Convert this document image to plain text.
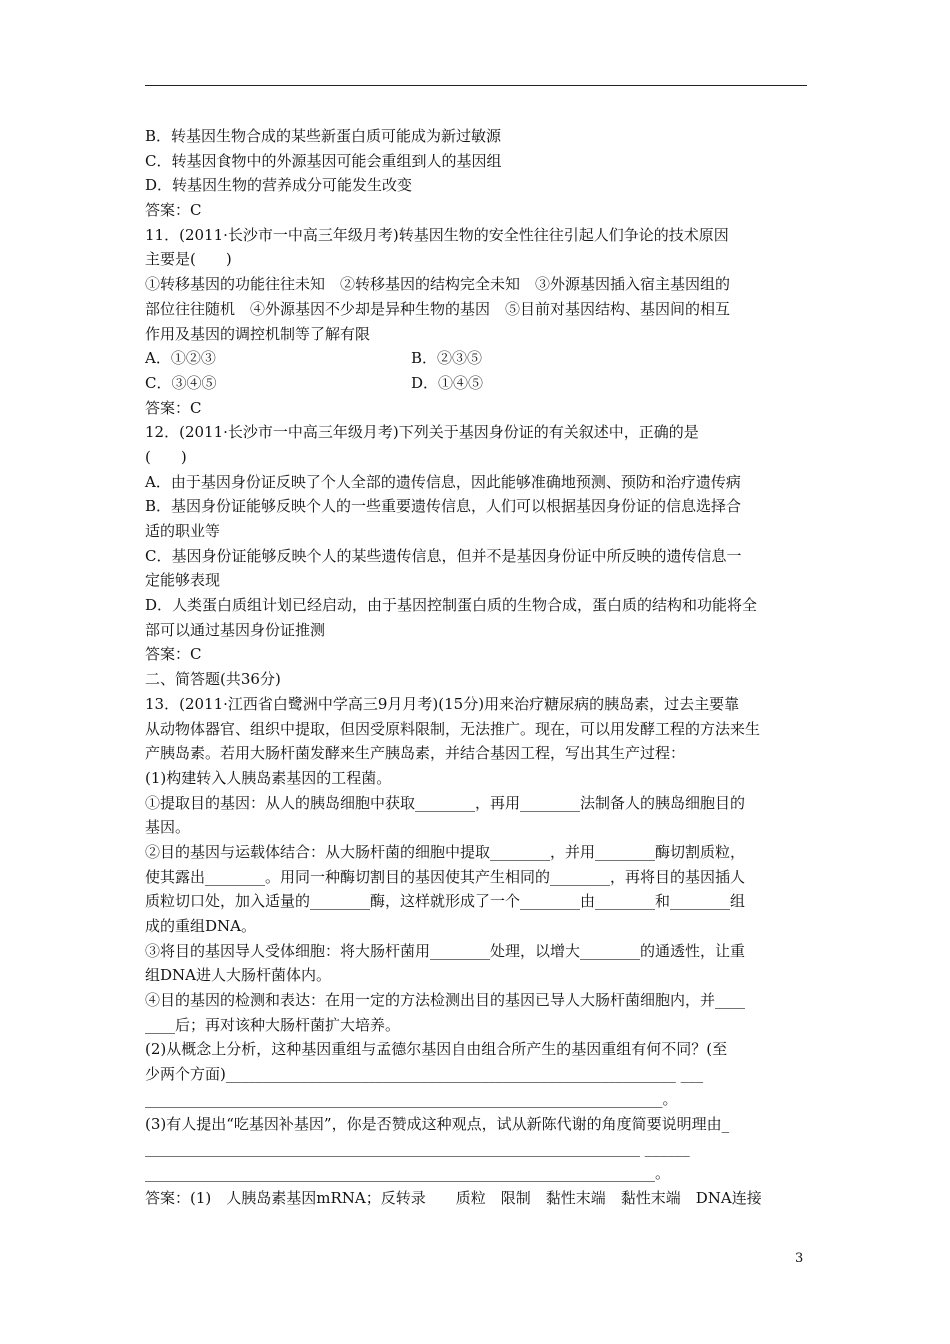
B．转基因生物合成的某些新蛋白质可能成为新过敏源
C．转基因食物中的外源基因可能会重组到人的基因组
D．转基因生物的营养成分可能发生改变
答案：C
11．(2011·长沙市一中高三年级月考)转基因生物的安全性往往引起人们争论的技术原因
主要是(　　)
①转移基因的功能往往未知　②转移基因的结构完全未知　③外源基因插入宿主基因组的
部位往往随机　④外源基因不少却是异种生物的基因　⑤目前对基因结构、基因间的相互
作用及基因的调控机制等了解有限
A．①②③	B．②③⑤
C．③④⑤	D．①④⑤
答案：C
12．(2011·长沙市一中高三年级月考)下列关于基因身份证的有关叙述中，正确的是
(　　)
A．由于基因身份证反映了个人全部的遗传信息，因此能够准确地预测、预防和治疗遗传病
B．基因身份证能够反映个人的一些重要遗传信息，人们可以根据基因身份证的信息选择合
适的职业等
C．基因身份证能够反映个人的某些遗传信息，但并不是基因身份证中所反映的遗传信息一
定能够表现
D．人类蛋白质组计划已经启动，由于基因控制蛋白质的生物合成，蛋白质的结构和功能将全
部可以通过基因身份证推测
答案：C
二、简答题(共36分)
13．(2011·江西省白鹭洲中学高三9月月考)(15分)用来治疗糖尿病的胰岛素，过去主要靠
从动物体器官、组织中提取，但因受原料限制，无法推广。现在，可以用发酵工程的方法来生
产胰岛素。若用大肠杆菌发酵来生产胰岛素，并结合基因工程，写出其生产过程：
(1)构建转入人胰岛素基因的工程菌。
①提取目的基因：从人的胰岛细胞中获取________，再用________法制备人的胰岛细胞目的
基因。
②目的基因与运载体结合：从大肠杆菌的细胞中提取________，并用________酶切割质粒，
使其露出________。用同一种酶切割目的基因使其产生相同的________，再将目的基因插人
质粒切口处，加入适量的________酶，这样就形成了一个________由________和________组
成的重组DNA。
③将目的基因导人受体细胞：将大肠杆菌用________处理，以增大________的通透性，让重
组DNA进人大肠杆菌体内。
④目的基因的检测和表达：在用一定的方法检测出目的基因已导人大肠杆菌细胞内，并____
____后；再对该种大肠杆菌扩大培养。
(2)从概念上分析，这种基因重组与孟德尔基因自由组合所产生的基因重组有何不同？(至
少两个方面)____________________________________________________________ ___
_____________________________________________________________________。
(3)有人提出“吃基因补基因”，你是否赞成这种观点，试从新陈代谢的角度简要说明理由_
__________________________________________________________________ ______
____________________________________________________________________。
答案：(1)　人胰岛素基因mRNA；反转录　　质粒　限制　黏性末端　黏性末端　DNA连接
3
